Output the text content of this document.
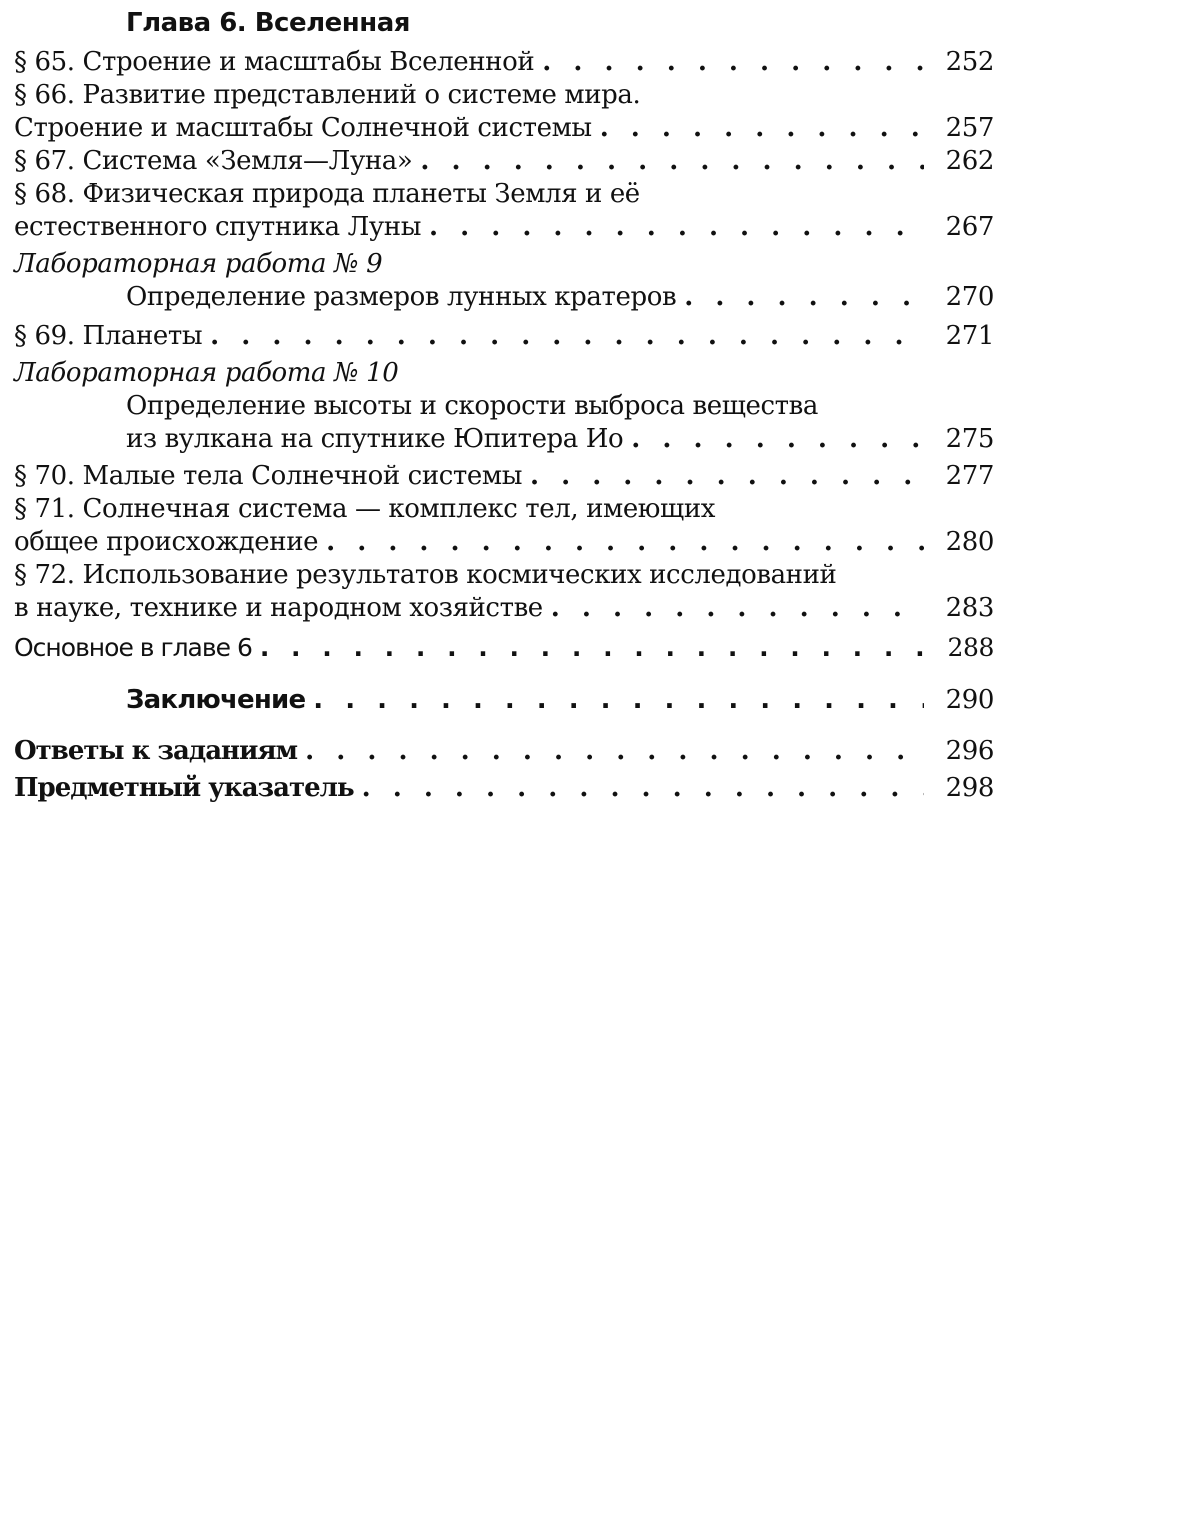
Глава 6. Вселенная
§ 65. Строение и масштабы Вселенной . . .	252
§ 66. Развитие представлений о системе мира.
Строение и масштабы Солнечной системы . . .	257
§ 67. Система «Земля—Луна» . . .	262
§ 68. Физическая природа планеты Земля и её
естественного спутника Луны . . .	267
Лабораторная работа № 9
Определение размеров лунных кратеров . . .	270
§ 69. Планеты . . .	271
Лабораторная работа № 10
Определение высоты и скорости выброса вещества
из вулкана на спутнике Юпитера Ио . . .	275
§ 70. Малые тела Солнечной системы . . .	277
§ 71. Солнечная система — комплекс тел, имеющих
общее происхождение . . .	280
§ 72. Использование результатов космических исследований
в науке, технике и народном хозяйстве . . .	283
Основное в главе 6 . . .	288
Заключение . . .	290
Ответы к заданиям . . .	296
Предметный указатель . . .	298
